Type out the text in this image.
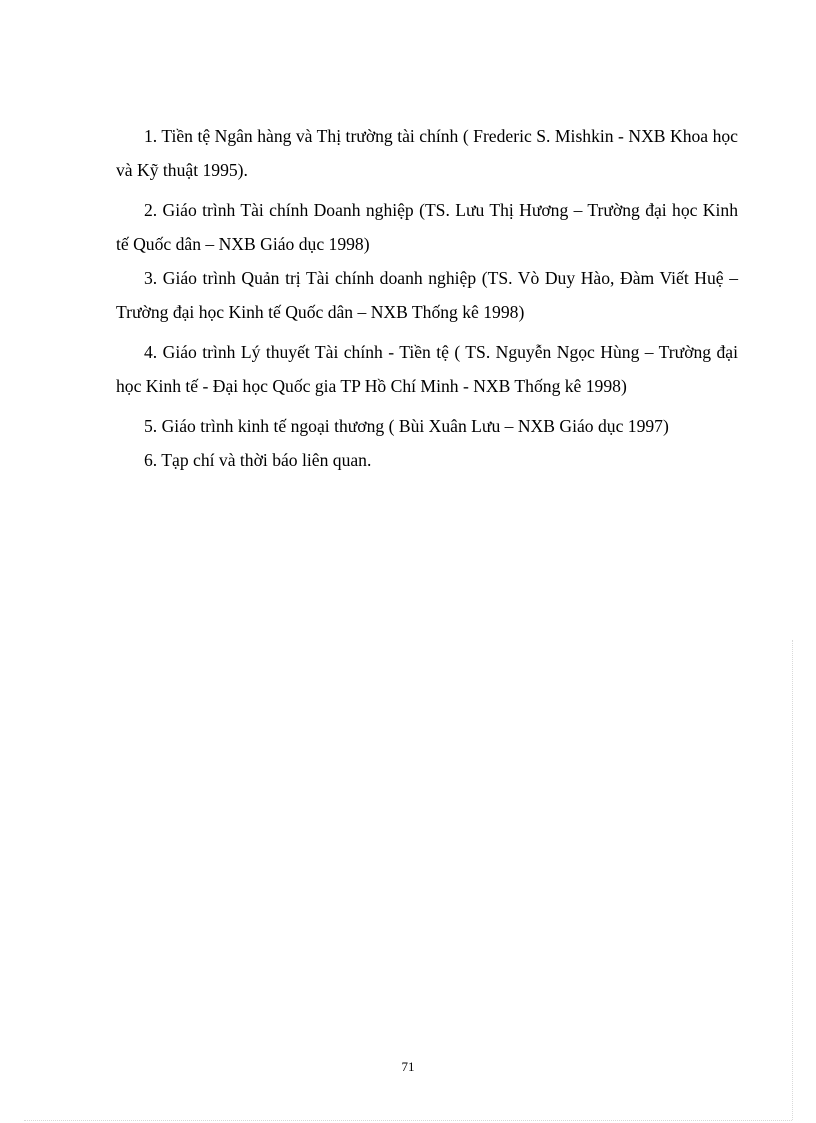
1. Tiền tệ Ngân hàng và Thị trường tài chính ( Frederic S. Mishkin - NXB Khoa học và Kỹ thuật 1995).
2. Giáo trình Tài chính Doanh nghiệp (TS. Lưu Thị Hương – Trường đại học Kinh tế Quốc dân – NXB Giáo dục 1998)
3. Giáo trình Quản trị Tài chính doanh nghiệp (TS. Vò Duy Hào, Đàm Viết Huệ – Trường đại học Kinh tế Quốc dân – NXB Thống kê 1998)
4. Giáo trình Lý thuyết Tài chính - Tiền tệ ( TS. Nguyễn Ngọc Hùng – Trường đại học Kinh tế - Đại học Quốc gia TP Hồ Chí Minh - NXB Thống kê 1998)
5. Giáo trình kinh tế ngoại thương ( Bùi Xuân Lưu – NXB Giáo dục 1997)
6. Tạp chí và thời báo liên quan.
71
